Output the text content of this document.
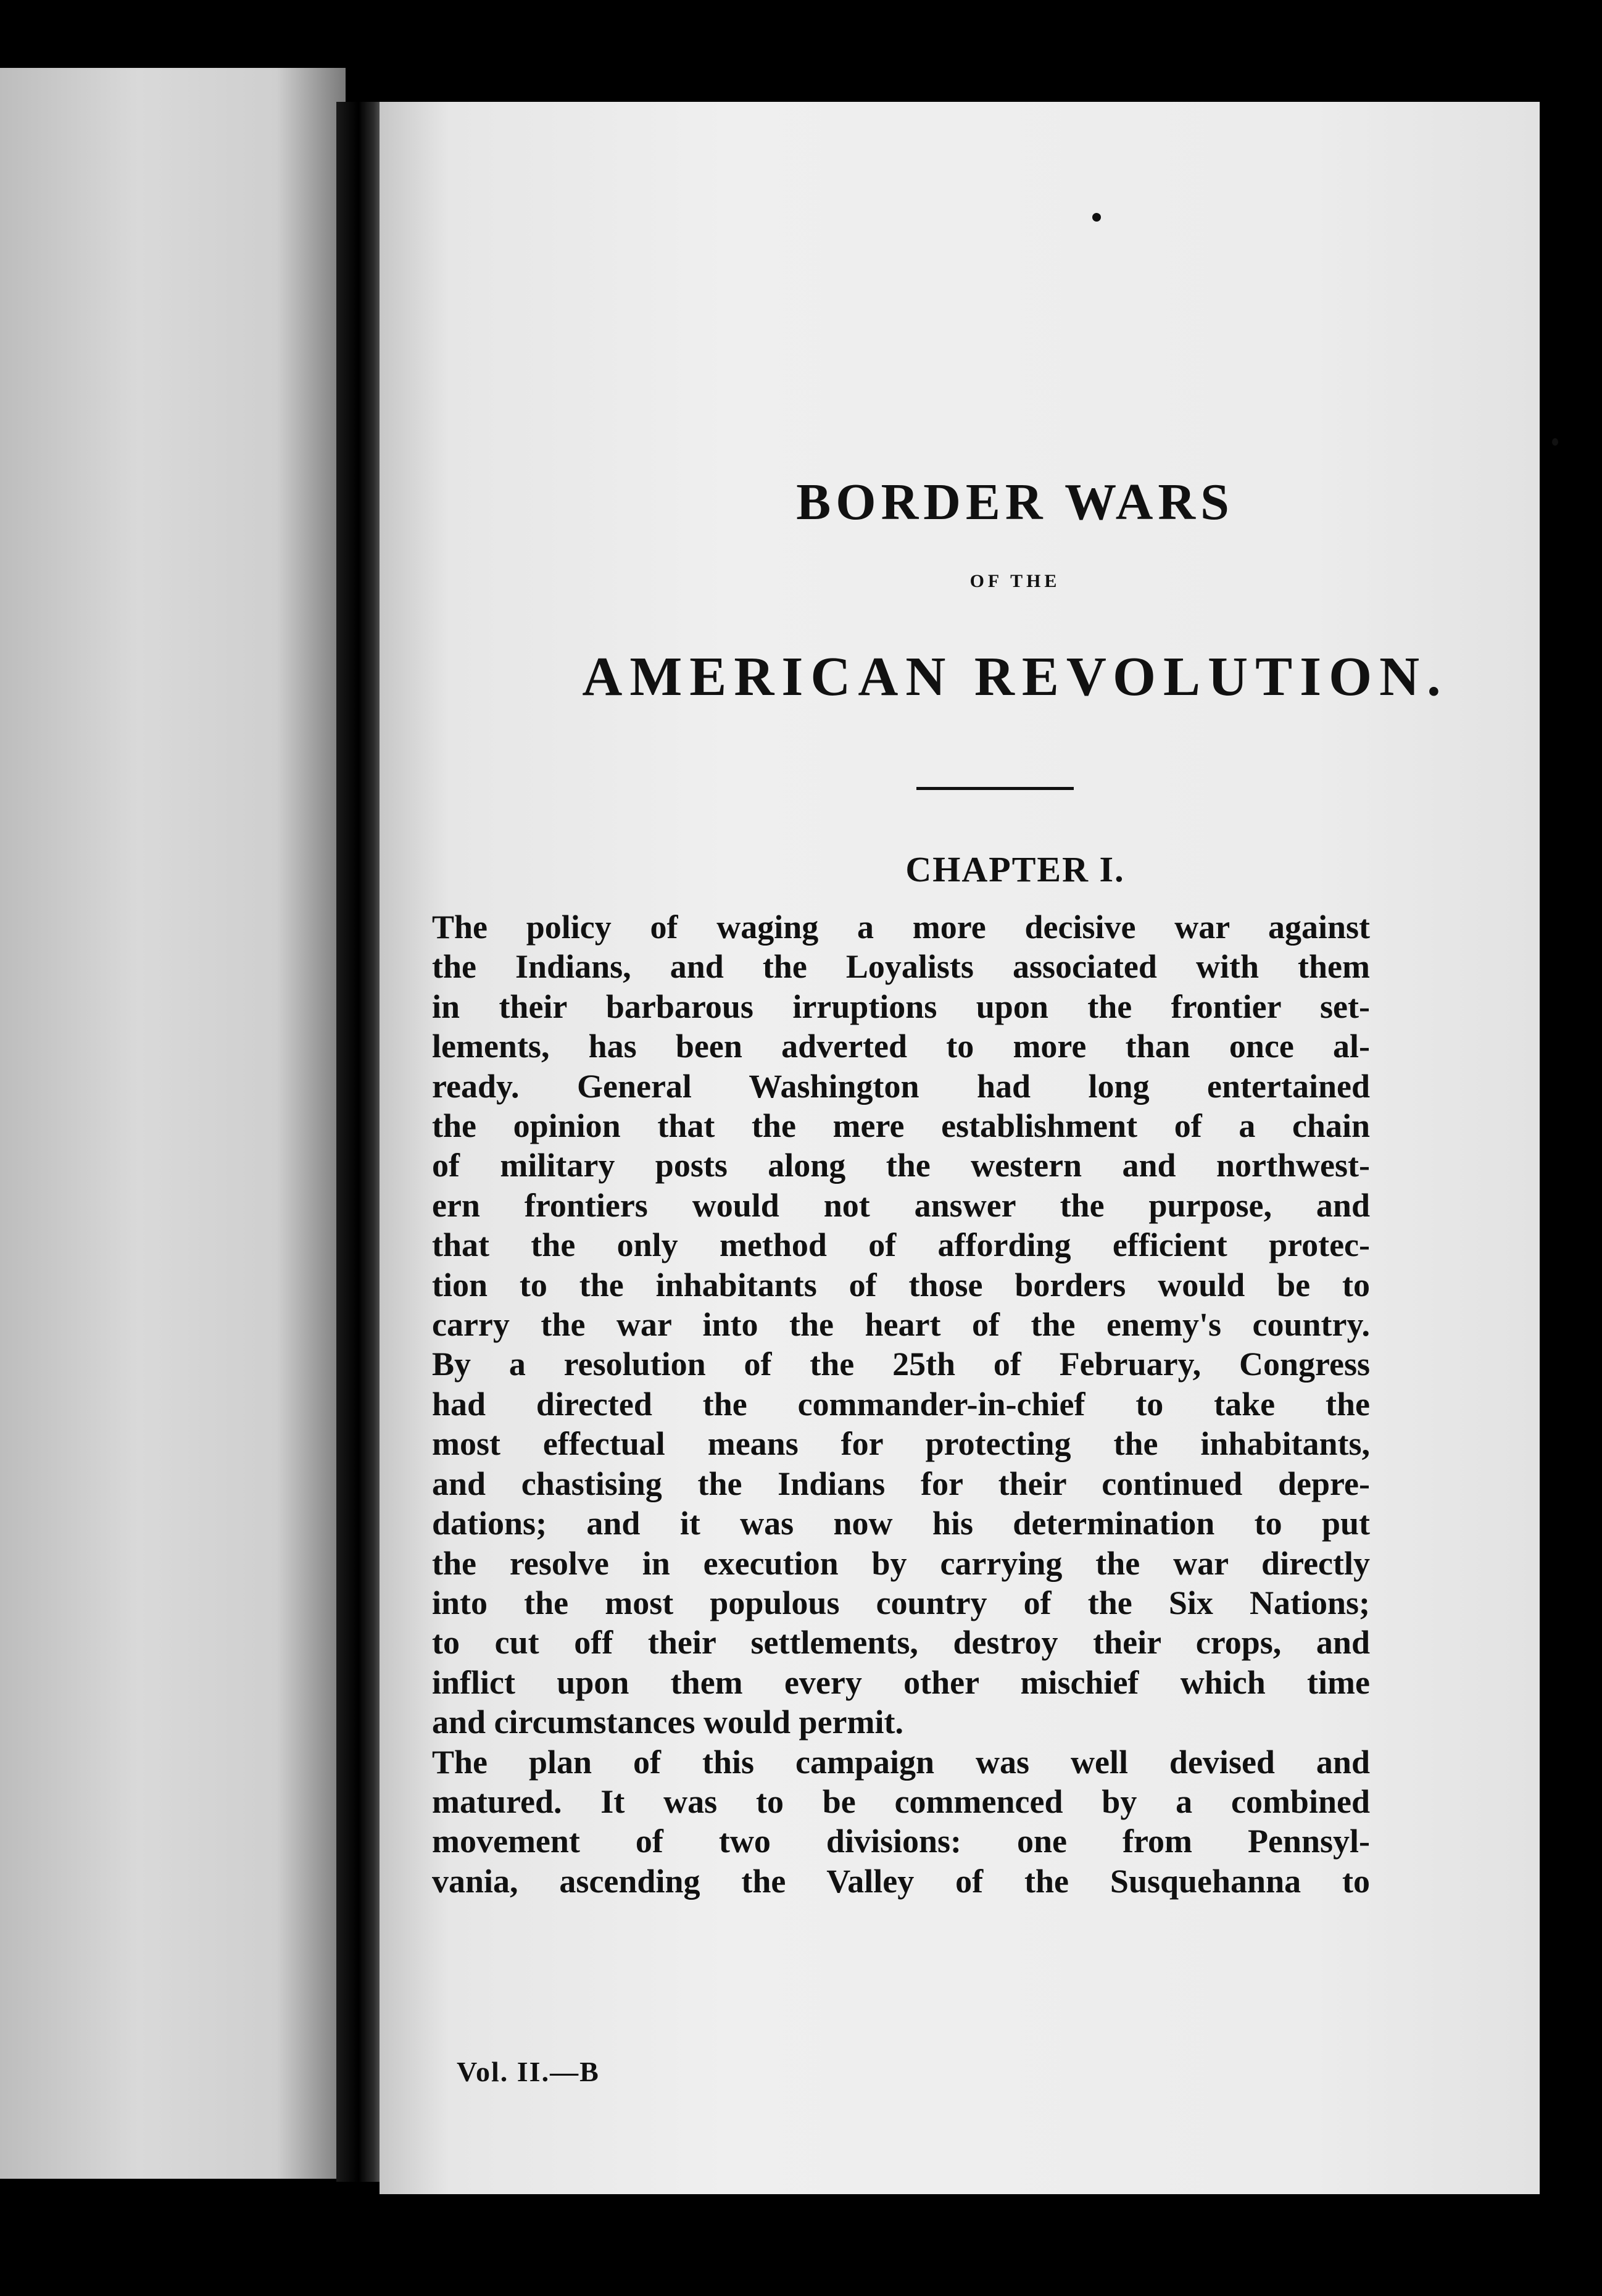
BORDER WARS
OF THE
AMERICAN REVOLUTION.
CHAPTER I.
The policy of waging a more decisive war against
the Indians, and the Loyalists associated with them
in their barbarous irruptions upon the frontier set-
lements, has been adverted to more than once al-
ready. General Washington had long entertained
the opinion that the mere establishment of a chain
of military posts along the western and northwest-
ern frontiers would not answer the purpose, and
that the only method of affording efficient protec-
tion to the inhabitants of those borders would be to
carry the war into the heart of the enemy's country.
By a resolution of the 25th of February, Congress
had directed the commander-in-chief to take the
most effectual means for protecting the inhabitants,
and chastising the Indians for their continued depre-
dations; and it was now his determination to put
the resolve in execution by carrying the war directly
into the most populous country of the Six Nations;
to cut off their settlements, destroy their crops, and
inflict upon them every other mischief which time
and circumstances would permit.
The plan of this campaign was well devised and
matured. It was to be commenced by a combined
movement of two divisions: one from Pennsyl-
vania, ascending the Valley of the Susquehanna to
Vol. II.—B
